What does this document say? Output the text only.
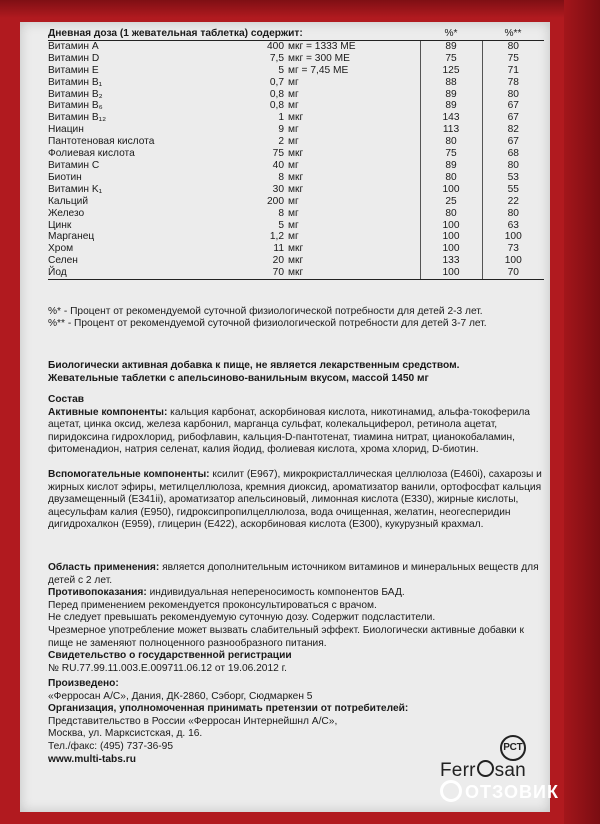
Дневная доза (1 жевательная таблетка) содержит:			%*	%**
Витамин А	400	мкг = 1333 МЕ	89	80
Витамин D	7,5	мкг = 300 МЕ	75	75
Витамин E	5	мг = 7,45 МЕ	125	71
Витамин B₁	0,7	мг	88	78
Витамин B₂	0,8	мг	89	80
Витамин B₆	0,8	мг	89	67
Витамин B₁₂	1	мкг	143	67
Ниацин	9	мг	113	82
Пантотеновая кислота	2	мг	80	67
Фолиевая кислота	75	мкг	75	68
Витамин С	40	мг	89	80
Биотин	8	мкг	80	53
Витамин K₁	30	мкг	100	55
Кальций	200	мг	25	22
Железо	8	мг	80	80
Цинк	5	мг	100	63
Марганец	1,2	мг	100	100
Хром	11	мкг	100	73
Селен	20	мкг	133	100
Йод	70	мкг	100	70

%* - Процент от рекомендуемой суточной физиологической потребности для детей 2-3 лет.

%** - Процент от рекомендуемой суточной физиологической потребности для детей 3-7 лет.

Биологически активная добавка к пище, не является лекарственным средством.

Жевательные таблетки с апельсиново-ванильным вкусом, массой 1450 мг

Состав

Активные компоненты: кальция карбонат, аскорбиновая кислота, никотинамид, альфа-токоферила ацетат, цинка оксид, железа карбонил, марганца сульфат, колекальциферол, ретинола ацетат, пиридоксина гидрохлорид, рибофлавин, кальция-D-пантотенат, тиамина нитрат, цианокобаламин, фитоменадион, натрия селенат, калия йодид, фолиевая кислота, хрома хлорид, D-биотин.

Вспомогательные компоненты: ксилит (E967), микрокристаллическая целлюлоза (E460i), сахарозы и жирных кислот эфиры, метилцеллюлоза, кремния диоксид, ароматизатор ванили, ортофосфат кальция двузамещенный (E341ii), ароматизатор апельсиновый, лимонная кислота (E330), жирные кислоты, ацесульфам калия (E950), гидроксипропилцеллюлоза, вода очищенная, желатин, неогесперидин дигидрохалкон (E959), глицерин (E422), аскорбиновая кислота (E300), кукурузный крахмал.

Область применения: является дополнительным источником витаминов и минеральных веществ для детей с 2 лет.

Противопоказания: индивидуальная непереносимость компонентов БАД.

Перед применением рекомендуется проконсультироваться с врачом.

Не следует превышать рекомендуемую суточную дозу. Содержит подсластители.

Чрезмерное употребление может вызвать слабительный эффект. Биологически активные добавки к пище не заменяют полноценного разнообразного питания.

Свидетельство о государственной регистрации

№ RU.77.99.11.003.Е.009711.06.12 от 19.06.2012 г.

Произведено:

«Ферросан А/С», Дания, ДК-2860, Сэборг, Сюдмаркен 5

Организация, уполномоченная принимать претензии от потребителей:

Представительство в России «Ферросан Интернейшнл А/С»,

Москва, ул. Марксистская, д. 16.

Тел./факс: (495) 737-36-95

www.multi-tabs.ru

РСТ
Ferr san
ОТЗОВИК
